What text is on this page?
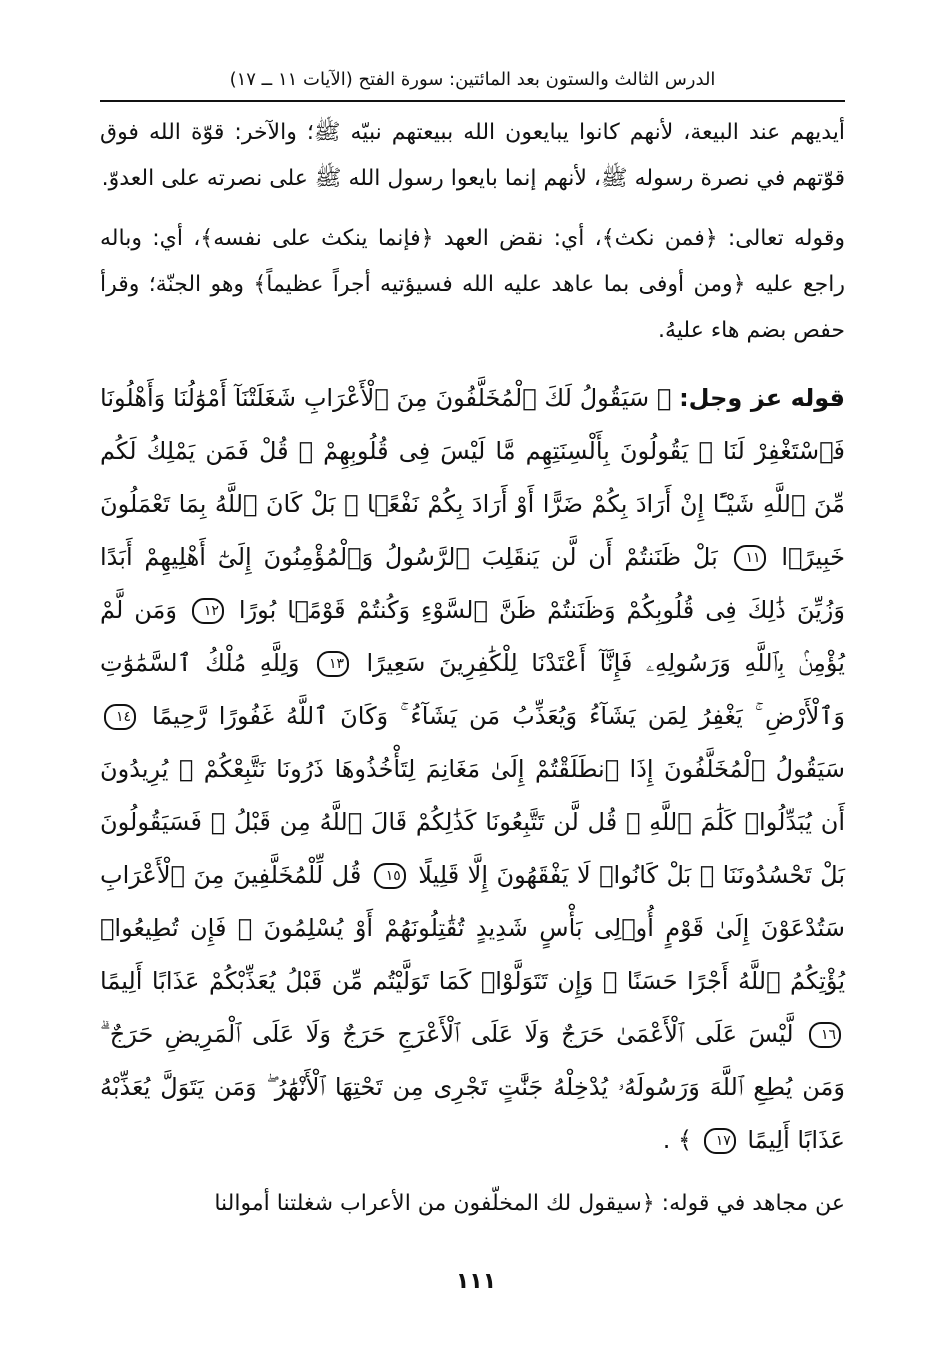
الدرس الثالث والستون بعد المائتين: سورة الفتح (الآيات ١١ ــ ١٧)

أيديهم عند البيعة، لأنهم كانوا يبايعون الله ببيعتهم نبيّه ﷺ؛ والآخر: قوّة الله فوق قوّتهم في نصرة رسوله ﷺ، لأنهم إنما بايعوا رسول الله ﷺ على نصرته على العدوّ.

وقوله تعالى: ﴿فمن نكث﴾، أي: نقض العهد ﴿فإنما ينكث على نفسه﴾، أي: وباله راجع عليه ﴿ومن أوفى بما عاهد عليه الله فسيؤتيه أجراً عظيماً﴾ وهو الجنّة؛ وقرأ حفص بضم هاء عليهُ.

قوله عز وجل: ﴿ سَيَقُولُ لَكَ ٱلْمُخَلَّفُونَ مِنَ ٱلْأَعْرَابِ شَغَلَتْنَآ أَمْوَٰلُنَا وَأَهْلُونَا فَٱسْتَغْفِرْ لَنَا ۚ يَقُولُونَ بِأَلْسِنَتِهِم مَّا لَيْسَ فِى قُلُوبِهِمْ ۚ قُلْ فَمَن يَمْلِكُ لَكُم مِّنَ ٱللَّهِ شَيْـًٔا إِنْ أَرَادَ بِكُمْ ضَرًّا أَوْ أَرَادَ بِكُمْ نَفْعًۢا ۚ بَلْ كَانَ ٱللَّهُ بِمَا تَعْمَلُونَ خَبِيرًۢا ١١ بَلْ ظَنَنتُمْ أَن لَّن يَنقَلِبَ ٱلرَّسُولُ وَٱلْمُؤْمِنُونَ إِلَىٰٓ أَهْلِيهِمْ أَبَدًا وَزُيِّنَ ذَٰلِكَ فِى قُلُوبِكُمْ وَظَنَنتُمْ ظَنَّ ٱلسَّوْءِ وَكُنتُمْ قَوْمًۢا بُورًا ١٢ وَمَن لَّمْ يُؤْمِنۢ بِٱللَّهِ وَرَسُولِهِۦ فَإِنَّآ أَعْتَدْنَا لِلْكَٰفِرِينَ سَعِيرًا ١٣ وَلِلَّهِ مُلْكُ ٱلسَّمَٰوَٰتِ وَٱلْأَرْضِ ۚ يَغْفِرُ لِمَن يَشَآءُ وَيُعَذِّبُ مَن يَشَآءُ ۚ وَكَانَ ٱللَّهُ غَفُورًا رَّحِيمًا ١٤ سَيَقُولُ ٱلْمُخَلَّفُونَ إِذَا ٱنطَلَقْتُمْ إِلَىٰ مَغَانِمَ لِتَأْخُذُوهَا ذَرُونَا نَتَّبِعْكُمْ ۖ يُرِيدُونَ أَن يُبَدِّلُوا۟ كَلَٰمَ ٱللَّهِ ۚ قُل لَّن تَتَّبِعُونَا كَذَٰلِكُمْ قَالَ ٱللَّهُ مِن قَبْلُ ۖ فَسَيَقُولُونَ بَلْ تَحْسُدُونَنَا ۚ بَلْ كَانُوا۟ لَا يَفْقَهُونَ إِلَّا قَلِيلًا ١٥ قُل لِّلْمُخَلَّفِينَ مِنَ ٱلْأَعْرَابِ سَتُدْعَوْنَ إِلَىٰ قَوْمٍ أُو۟لِى بَأْسٍ شَدِيدٍ تُقَٰتِلُونَهُمْ أَوْ يُسْلِمُونَ ۖ فَإِن تُطِيعُوا۟ يُؤْتِكُمُ ٱللَّهُ أَجْرًا حَسَنًا ۖ وَإِن تَتَوَلَّوْا۟ كَمَا تَوَلَّيْتُم مِّن قَبْلُ يُعَذِّبْكُمْ عَذَابًا أَلِيمًا ١٦ لَّيْسَ عَلَى ٱلْأَعْمَىٰ حَرَجٌ وَلَا عَلَى ٱلْأَعْرَجِ حَرَجٌ وَلَا عَلَى ٱلْمَرِيضِ حَرَجٌ ۗ وَمَن يُطِعِ ٱللَّهَ وَرَسُولَهُۥ يُدْخِلْهُ جَنَّٰتٍ تَجْرِى مِن تَحْتِهَا ٱلْأَنْهَٰرُ ۖ وَمَن يَتَوَلَّ يُعَذِّبْهُ عَذَابًا أَلِيمًا ١٧ ﴾ .

عن مجاهد في قوله: ﴿سيقول لك المخلّفون من الأعراب شغلتنا أموالنا

١١١
